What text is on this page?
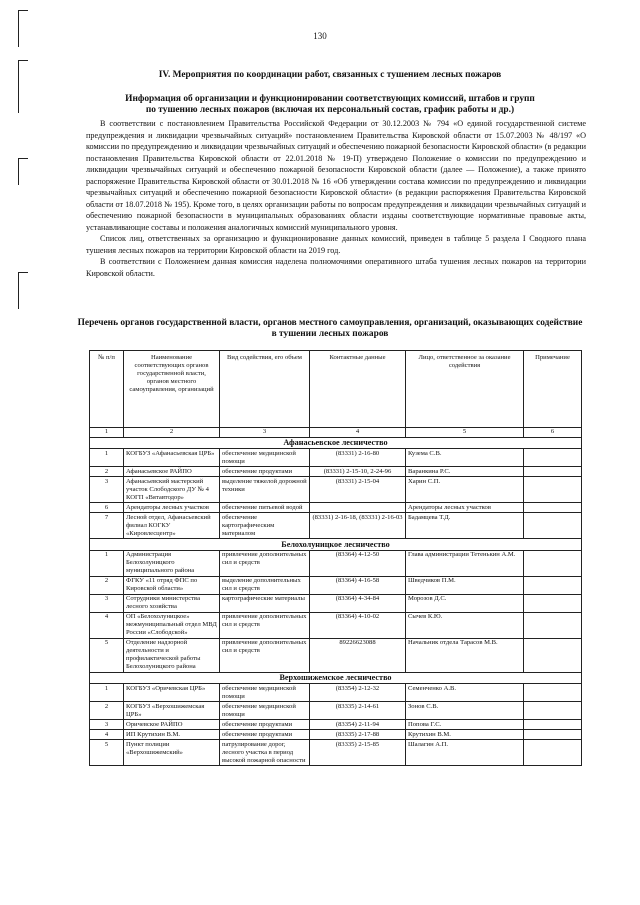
130
IV. Мероприятия по координации работ, связанных с тушением лесных пожаров
Информация об организации и функционировании соответствующих комиссий, штабов и групп
по тушению лесных пожаров (включая их персональный состав, график работы и др.)

В соответствии с постановлением Правительства Российской Федерации от 30.12.2003 № 794 «О единой государственной системе предупреждения и ликвидации чрезвычайных ситуаций» постановлением Правительства Кировской области от 15.07.2003 № 48/197 «О комиссии по предупреждению и ликвидации чрезвычайных ситуаций и обеспечению пожарной безопасности Кировской области» (в редакции постановления Правительства Кировской области от 22.01.2018 № 19-П) утверждено Положение о комиссии по предупреждению и ликвидации чрезвычайных ситуаций и обеспечению пожарной безопасности Кировской области (далее — Положение), а также принято распоряжение Правительства Кировской области от 30.01.2018 № 16 «Об утверждении состава комиссии по предупреждению и ликвидации чрезвычайных ситуаций и обеспечению пожарной безопасности Кировской области» (в редакции распоряжения Правительства Кировской области от 18.07.2018 № 195). Кроме того, в целях организации работы по вопросам предупреждения и ликвидации чрезвычайных ситуаций и обеспечению пожарной безопасности в муниципальных образованиях области изданы соответствующие нормативные правовые акты, устанавливающие составы и положения аналогичных комиссий муниципального уровня.

Список лиц, ответственных за организацию и функционирование данных комиссий, приведен в таблице 5 раздела I Сводного плана тушения лесных пожаров на территории Кировской области на 2019 год.

В соответствии с Положением данная комиссия наделена полномочиями оперативного штаба тушения лесных пожаров на территории Кировской области.

Перечень органов государственной власти, органов местного самоуправления, организаций, оказывающих содействие
в тушении лесных пожаров
№ п/п	Наименование соответствующих органов государственной власти, органов местного самоуправления, организаций	Вид содействия, его объем	Контактные данные	Лицо, ответственное за оказание содействия	Примечание
1	2	3	4	5	6
Афанасьевское лесничество					
1	КОГБУЗ «Афанасьевская ЦРБ»	обеспечение медицинской помощи	(83331) 2-16-80	Кузема С.В.	
2	Афанасьевское РАЙПО	обеспечение продуктами	(83331) 2-15-10, 2-24-96	Варанкина Р.С.	
3	Афанасьевский мастерский участок Слободского ДУ № 4 КОГП «Вятавтодор»	выделение тяжелой дорожной техники	(83331) 2-15-04	Харин С.П.	
6	Арендаторы лесных участков	обеспечение питьевой водой		Арендаторы лесных участков	
7	Лесной отдел, Афанасьевский филиал КОГКУ «Кировлесцентр»	обеспечение картографическим материалом	(83331) 2-16-18, (83331) 2-16-03	Бадамцева Т.Д.	
Белохолуницкое лесничество					
1	Администрация Белохолуницкого муниципального района	привлечение дополнительных сил и средств	(83364) 4-12-50	Глава администрации Тетенькин А.М.	
2	ФГКУ «11 отряд ФПС по Кировской области»	выделение дополнительных сил и средств	(83364) 4-16-58	Шведчиков П.М.	
3	Сотрудники министерства лесного хозяйства	картографические материалы	(83364) 4-34-84	Морозов Д.С.	
4	ОП «Белохолуницкое» межмуниципальный отдел МВД России «Слободской»	привлечение дополнительных сил и средств	(83364) 4-10-02	Сычев К.Ю.	
5	Отделение надзорной деятельности и профилактической работы Белохолуницкого района	привлечение дополнительных сил и средств	89226623088	Начальник отдела Тарасов М.В.	
Верхошижемское лесничество					
1	КОГБУЗ «Оричевская ЦРБ»	обеспечение медицинской помощи	(83354) 2-12-32	Семенченко А.В.	
2	КОГБУЗ «Верхошижемская ЦРБ»	обеспечение медицинской помощи	(83335) 2-14-61	Зонов С.В.	
3	Оричевское РАЙПО	обеспечение продуктами	(83354) 2-11-94	Попова Г.С.	
4	ИП Крутихин В.М.	обеспечение продуктами	(83335) 2-17-88	Крутихин В.М.	
5	Пункт полиции «Верхошижемский»	патрулирование дорог, лесного участка в период высокой пожарной опасности	(83335) 2-15-85	Шалагин А.П.	
